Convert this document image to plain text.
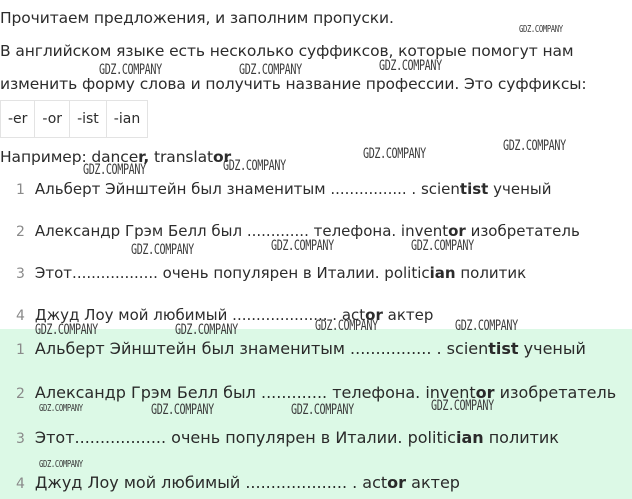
Прочитаем предложения, и заполним пропуски.
В английском языке есть несколько суффиксов, которые помогут нам
изменить форму слова и получить название профессии. Это суффиксы:
-er	-or	-ist	-ian
Например: dancer, translator
1 Альберт Эйнштейн был знаменитым ................ . scientist ученый
2 Александр Грэм Белл был ............. телефона. inventor изобретатель
3 Этот.................. очень популярен в Италии. politician политик
4 Джуд Лоу мой любимый .................... . actor актер
1 Альберт Эйнштейн был знаменитым ................ . scientist ученый
2 Александр Грэм Белл был ............. телефона. inventor изобретатель
3 Этот.................. очень популярен в Италии. politician политик
4 Джуд Лоу мой любимый .................... . actor актер
GDZ.COMPANY
GDZ.COMPANY	GDZ.COMPANY	GDZ.COMPANY
GDZ.COMPANY	GDZ.COMPANY
GDZ.COMPANY	GDZ.COMPANY
GDZ.COMPANY	GDZ.COMPANY	GDZ.COMPANY
GDZ.COMPANY	GDZ.COMPANY	GDZ.COMPANY	GDZ.COMPANY
GDZ.COMPANY	GDZ.COMPANY	GDZ.COMPANY	GDZ.COMPANY
GDZ.COMPANY
